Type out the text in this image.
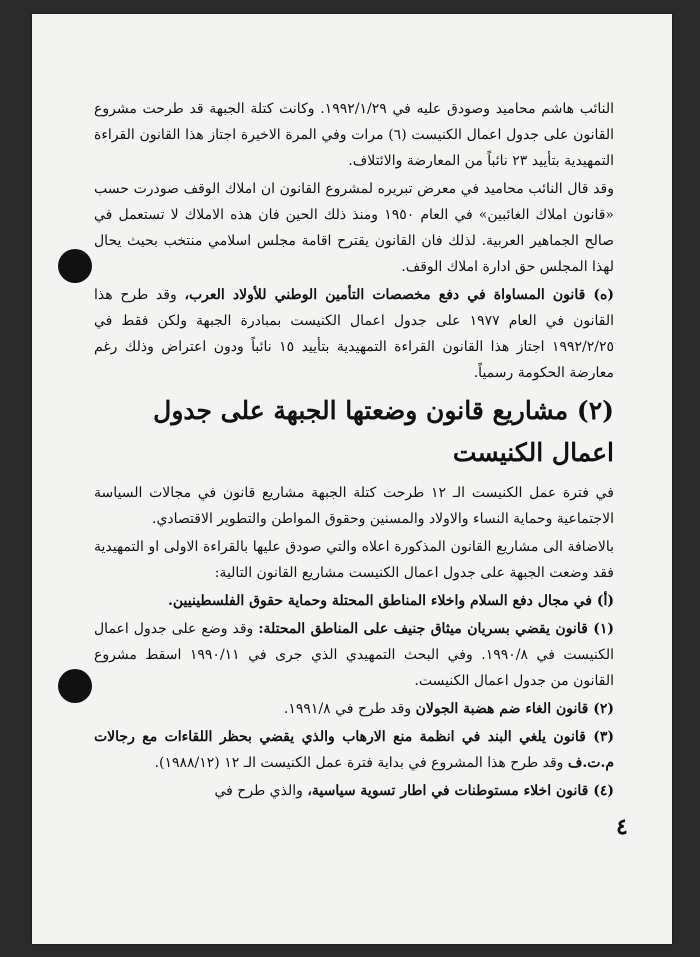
النائب هاشم محاميد وصودق عليه في ١٩٩٢/١/٢٩. وكانت كتلة الجبهة قد طرحت مشروع القانون على جدول اعمال الكنيست (٦) مرات وفي المرة الاخيرة اجتاز هذا القانون القراءة التمهيدية بتأييد ٢٣ نائباً من المعارضة والائتلاف.

وقد قال النائب محاميد في معرض تبريره لمشروع القانون ان املاك الوقف صودرت حسب «قانون املاك الغائبين» في العام ١٩٥٠ ومنذ ذلك الحين فان هذه الاملاك لا تستعمل في صالح الجماهير العربية. لذلك فان القانون يقترح اقامة مجلس اسلامي منتخب بحيث يحال لهذا المجلس حق ادارة املاك الوقف.

(ه) قانون المساواة في دفع مخصصات التأمين الوطني للأولاد العرب، وقد طرح هذا القانون في العام ١٩٧٧ على جدول اعمال الكنيست بمبادرة الجبهة ولكن فقط في ١٩٩٢/٢/٢٥ اجتاز هذا القانون القراءة التمهيدية بتأييد ١٥ نائباً ودون اعتراض وذلك رغم معارضة الحكومة رسمياً.

(٢) مشاريع قانون وضعتها الجبهة على جدول اعمال الكنيست

في فترة عمل الكنيست الـ ١٢ طرحت كتلة الجبهة مشاريع قانون في مجالات السياسة الاجتماعية وحماية النساء والاولاد والمسنين وحقوق المواطن والتطوير الاقتصادي.

بالاضافة الى مشاريع القانون المذكورة اعلاه والتي صودق عليها بالقراءة الاولى او التمهيدية فقد وضعت الجبهة على جدول اعمال الكنيست مشاريع القانون التالية:

(أ) في مجال دفع السلام واخلاء المناطق المحتلة وحماية حقوق الفلسطينيين.

(١) قانون يقضي بسريان ميثاق جنيف على المناطق المحتلة: وقد وضع على جدول اعمال الكنيست في ١٩٩٠/٨. وفي البحث التمهيدي الذي جرى في ١٩٩٠/١١ اسقط مشروع القانون من جدول اعمال الكنيست.

(٢) قانون الغاء ضم هضبة الجولان وقد طرح في ١٩٩١/٨.

(٣) قانون يلغي البند في انظمة منع الارهاب والذي يقضي بحظر اللقاءات مع رجالات م.ت.ف وقد طرح هذا المشروع في بداية فترة عمل الكنيست الـ ١٢ (١٩٨٨/١٢).

(٤) قانون اخلاء مستوطنات في اطار تسوية سياسية، والذي طرح في

٤
